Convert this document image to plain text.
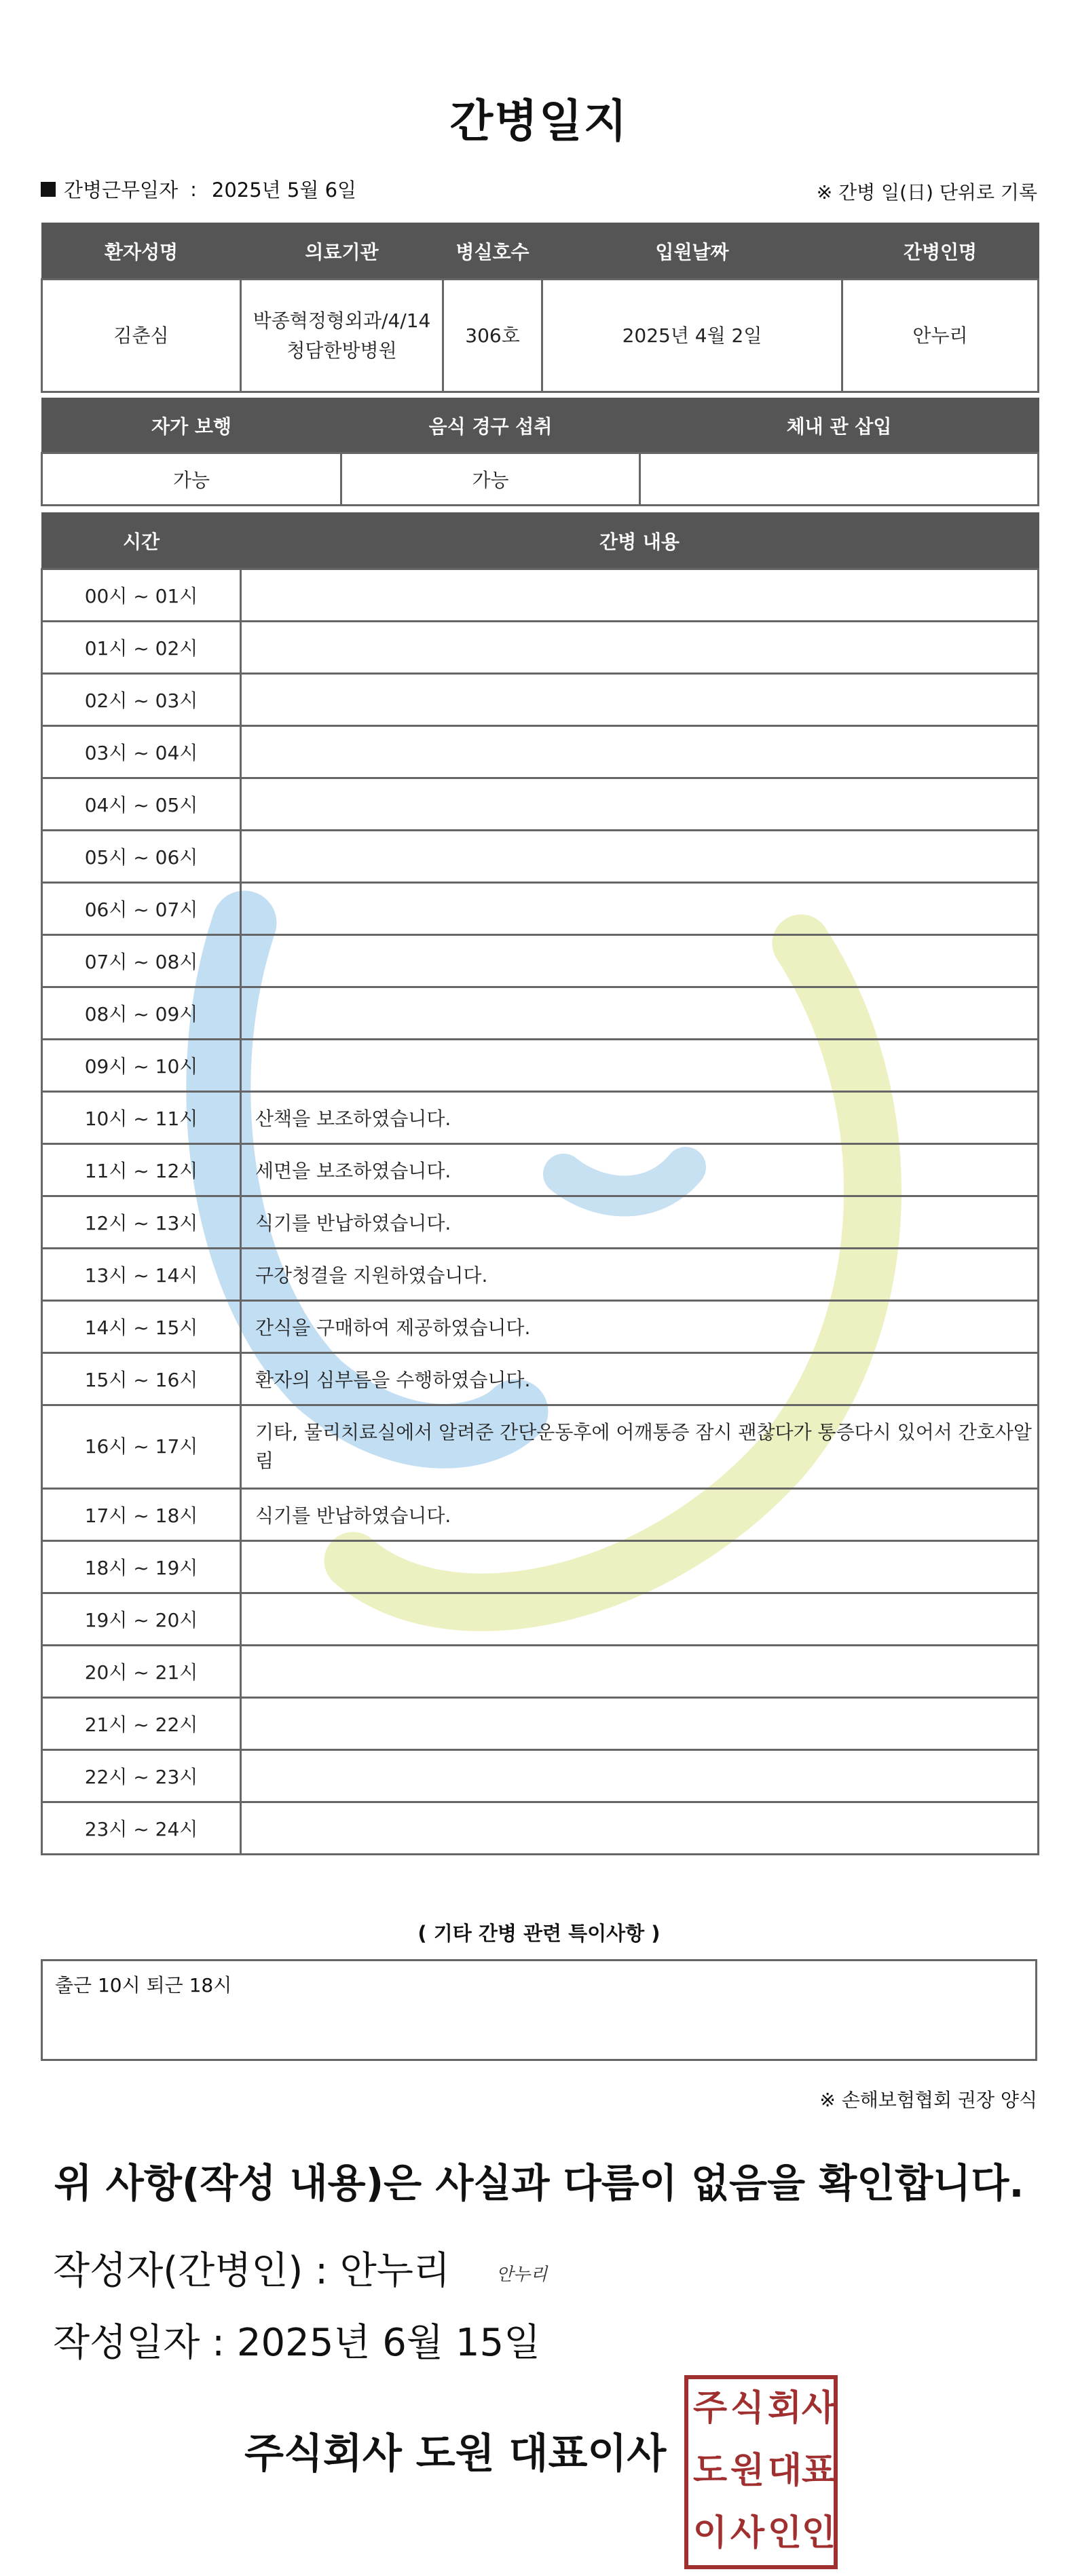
간병일지
간병근무일자 : 2025년 5월 6일	※ 간병 일(日) 단위로 기록
환자성명	의료기관	병실호수	입원날짜	간병인명
김춘심	박종혁정형외과/4/14청담한방병원	306호	2025년 4월 2일	안누리
자가 보행	음식 경구 섭취	체내 관 삽입
가능	가능	
시간	간병 내용
00시 ~ 01시	
01시 ~ 02시	
02시 ~ 03시	
03시 ~ 04시	
04시 ~ 05시	
05시 ~ 06시	
06시 ~ 07시	
07시 ~ 08시	
08시 ~ 09시	
09시 ~ 10시	
10시 ~ 11시	산책을 보조하였습니다.
11시 ~ 12시	세면을 보조하였습니다.
12시 ~ 13시	식기를 반납하였습니다.
13시 ~ 14시	구강청결을 지원하였습니다.
14시 ~ 15시	간식을 구매하여 제공하였습니다.
15시 ~ 16시	환자의 심부름을 수행하였습니다.
16시 ~ 17시	기타, 물리치료실에서 알려준 간단운동후에 어깨통증 잠시 괜찮다가 통증다시 있어서 간호사알림
17시 ~ 18시	식기를 반납하였습니다.
18시 ~ 19시	
19시 ~ 20시	
20시 ~ 21시	
21시 ~ 22시	
22시 ~ 23시	
23시 ~ 24시	
( 기타 간병 관련 특이사항 )
출근 10시 퇴근 18시
※ 손해보험협회 권장 양식
위 사항(작성 내용)은 사실과 다름이 없음을 확인합니다.
작성자(간병인) : 안누리	안누리
작성일자 : 2025년 6월 15일
주식회사 도원 대표이사
주 식 회 사
도 원 대 표
이 사 인 인
